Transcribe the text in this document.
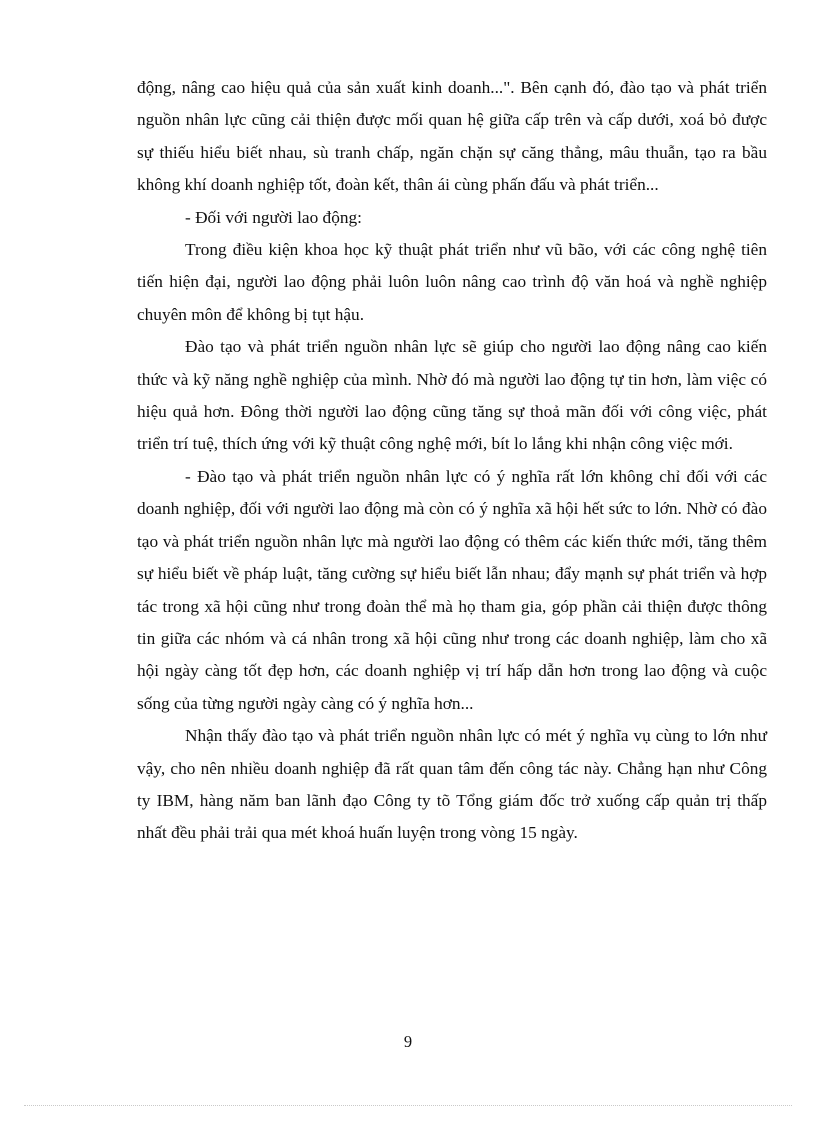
động, nâng cao hiệu quả của sản xuất kinh doanh...". Bên cạnh đó, đào tạo và phát triển nguồn nhân lực cũng cải thiện được mối quan hệ giữa cấp trên và cấp dưới, xoá bỏ được sự thiếu hiểu biết nhau, sù tranh chấp, ngăn chặn sự căng thẳng, mâu thuẫn, tạo ra bầu không khí doanh nghiệp tốt, đoàn kết, thân ái cùng phấn đấu và phát triển...

- Đối với người lao động:

Trong điều kiện khoa học kỹ thuật phát triển như vũ bão, với các công nghệ tiên tiến hiện đại, người lao động phải luôn luôn nâng cao trình độ văn hoá và nghề nghiệp chuyên môn để không bị tụt hậu.

Đào tạo và phát triển nguồn nhân lực sẽ giúp cho người lao động nâng cao kiến thức và kỹ năng nghề nghiệp của mình. Nhờ đó mà người lao động tự tin hơn, làm việc có hiệu quả hơn. Đông thời người lao động cũng tăng sự thoả mãn đối với công việc, phát triển trí tuệ, thích ứng với kỹ thuật công nghệ mới, bít lo lắng khi nhận công việc mới.

- Đào tạo và phát triển nguồn nhân lực có ý nghĩa rất lớn không chỉ đối với các doanh nghiệp, đối với người lao động mà còn có ý nghĩa xã hội hết sức to lớn. Nhờ có đào tạo và phát triển nguồn nhân lực mà người lao động có thêm các kiến thức mới, tăng thêm sự hiểu biết về pháp luật, tăng cường sự hiểu biết lẫn nhau; đẩy mạnh sự phát triển và hợp tác trong xã hội cũng như trong đoàn thể mà họ tham gia, góp phần cải thiện được thông tin giữa các nhóm và cá nhân trong xã hội cũng như trong các doanh nghiệp, làm cho xã hội ngày càng tốt đẹp hơn, các doanh nghiệp vị trí hấp dẫn hơn trong lao động và cuộc sống của từng người ngày càng có ý nghĩa hơn...

Nhận thấy đào tạo và phát triển nguồn nhân lực có mét ý nghĩa vụ cùng to lớn như vậy, cho nên nhiều doanh nghiệp đã rất quan tâm đến công tác này. Chẳng hạn như Công ty IBM, hàng năm ban lãnh đạo Công ty tõ Tổng giám đốc trở xuống cấp quản trị thấp nhất đều phải trải qua mét khoá huấn luyện trong vòng 15 ngày.

9
